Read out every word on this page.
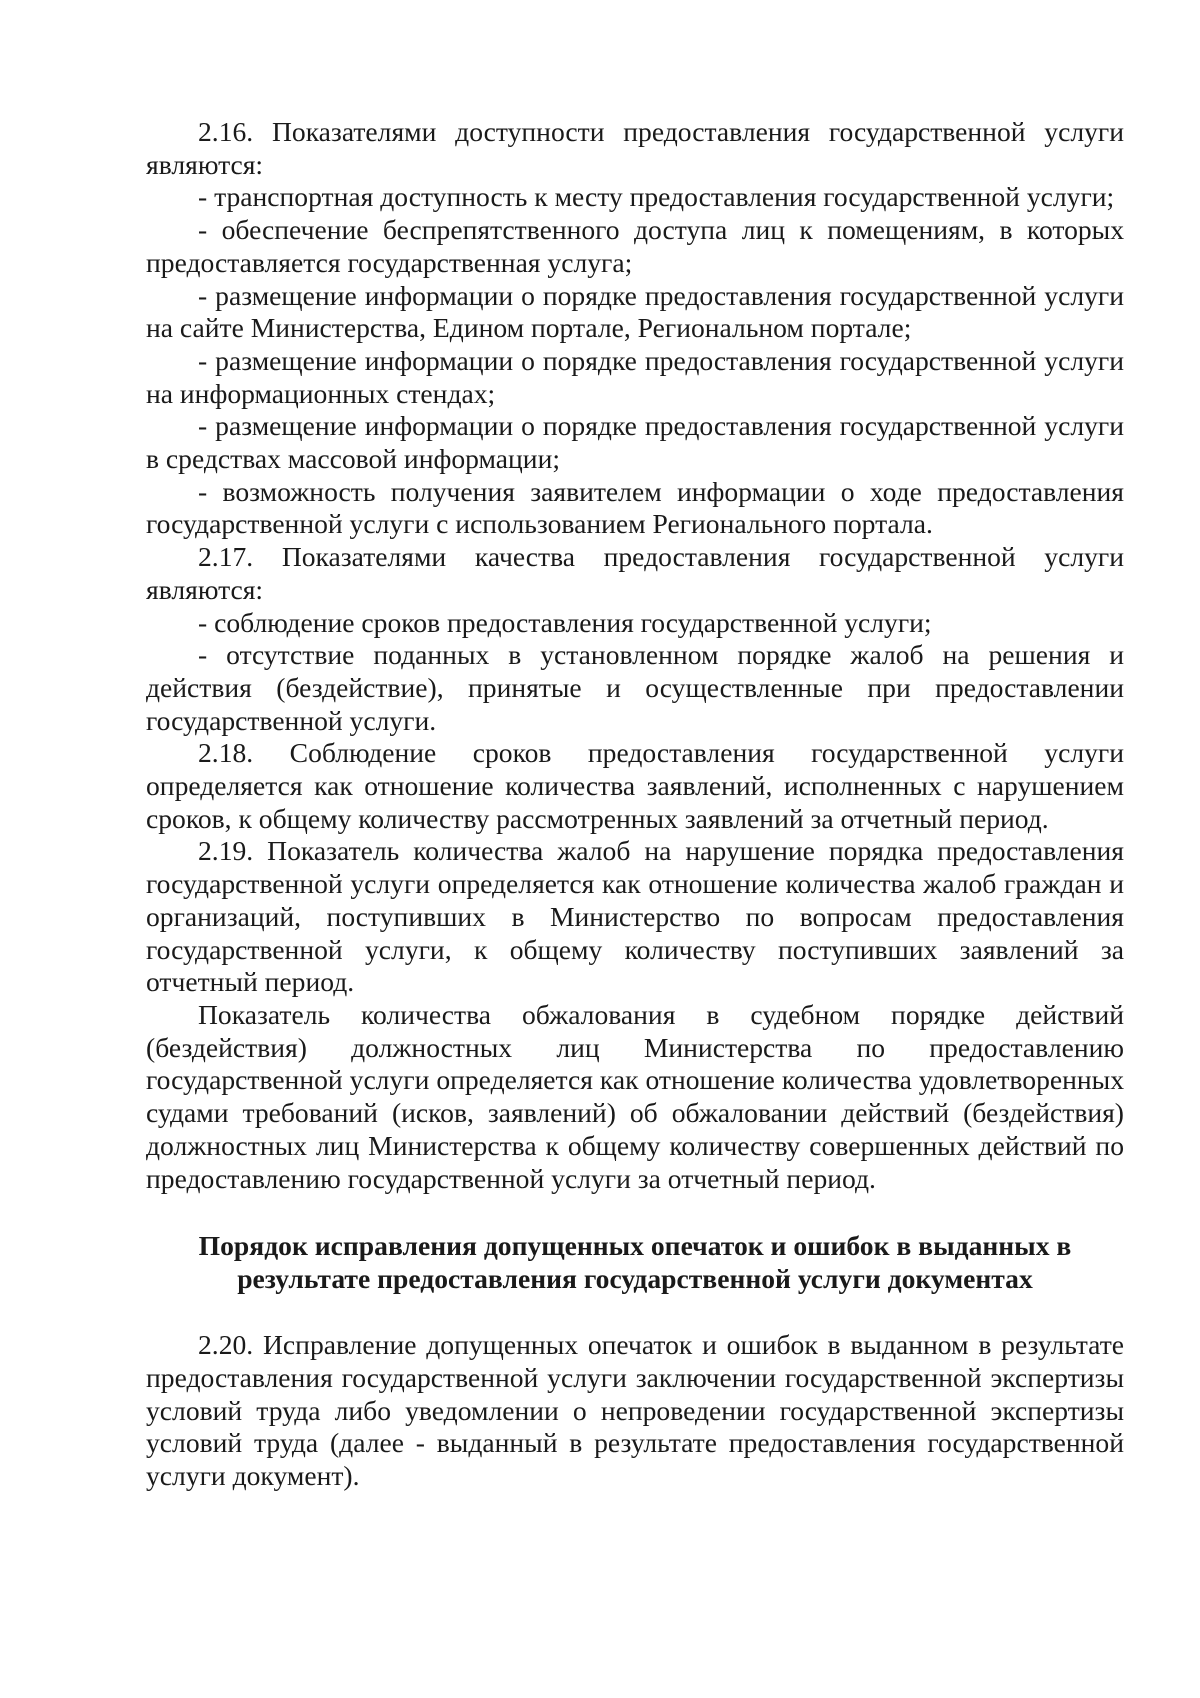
2.16. Показателями доступности предоставления государственной услуги являются:

- транспортная доступность к месту предоставления государственной услуги;

- обеспечение беспрепятственного доступа лиц к помещениям, в которых предоставляется государственная услуга;

- размещение информации о порядке предоставления государственной услуги на сайте Министерства, Едином портале, Региональном портале;

- размещение информации о порядке предоставления государственной услуги на информационных стендах;

- размещение информации о порядке предоставления государственной услуги в средствах массовой информации;

- возможность получения заявителем информации о ходе предоставления государственной услуги с использованием Регионального портала.

2.17. Показателями качества предоставления государственной услуги являются:

- соблюдение сроков предоставления государственной услуги;

- отсутствие поданных в установленном порядке жалоб на решения и действия (бездействие), принятые и осуществленные при предоставлении государственной услуги.

2.18. Соблюдение сроков предоставления государственной услуги определяется как отношение количества заявлений, исполненных с нарушением сроков, к общему количеству рассмотренных заявлений за отчетный период.

2.19. Показатель количества жалоб на нарушение порядка предоставления государственной услуги определяется как отношение количества жалоб граждан и организаций, поступивших в Министерство по вопросам предоставления государственной услуги, к общему количеству поступивших заявлений за отчетный период.

Показатель количества обжалования в судебном порядке действий (бездействия) должностных лиц Министерства по предоставлению государственной услуги определяется как отношение количества удовлетворенных судами требований (исков, заявлений) об обжаловании действий (бездействия) должностных лиц Министерства к общему количеству совершенных действий по предоставлению государственной услуги за отчетный период.

Порядок исправления допущенных опечаток и ошибок в выданных в
результате предоставления государственной услуги документах

2.20. Исправление допущенных опечаток и ошибок в выданном в результате предоставления государственной услуги заключении государственной экспертизы условий труда либо уведомлении о непроведении государственной экспертизы условий труда (далее - выданный в результате предоставления государственной услуги документ).
